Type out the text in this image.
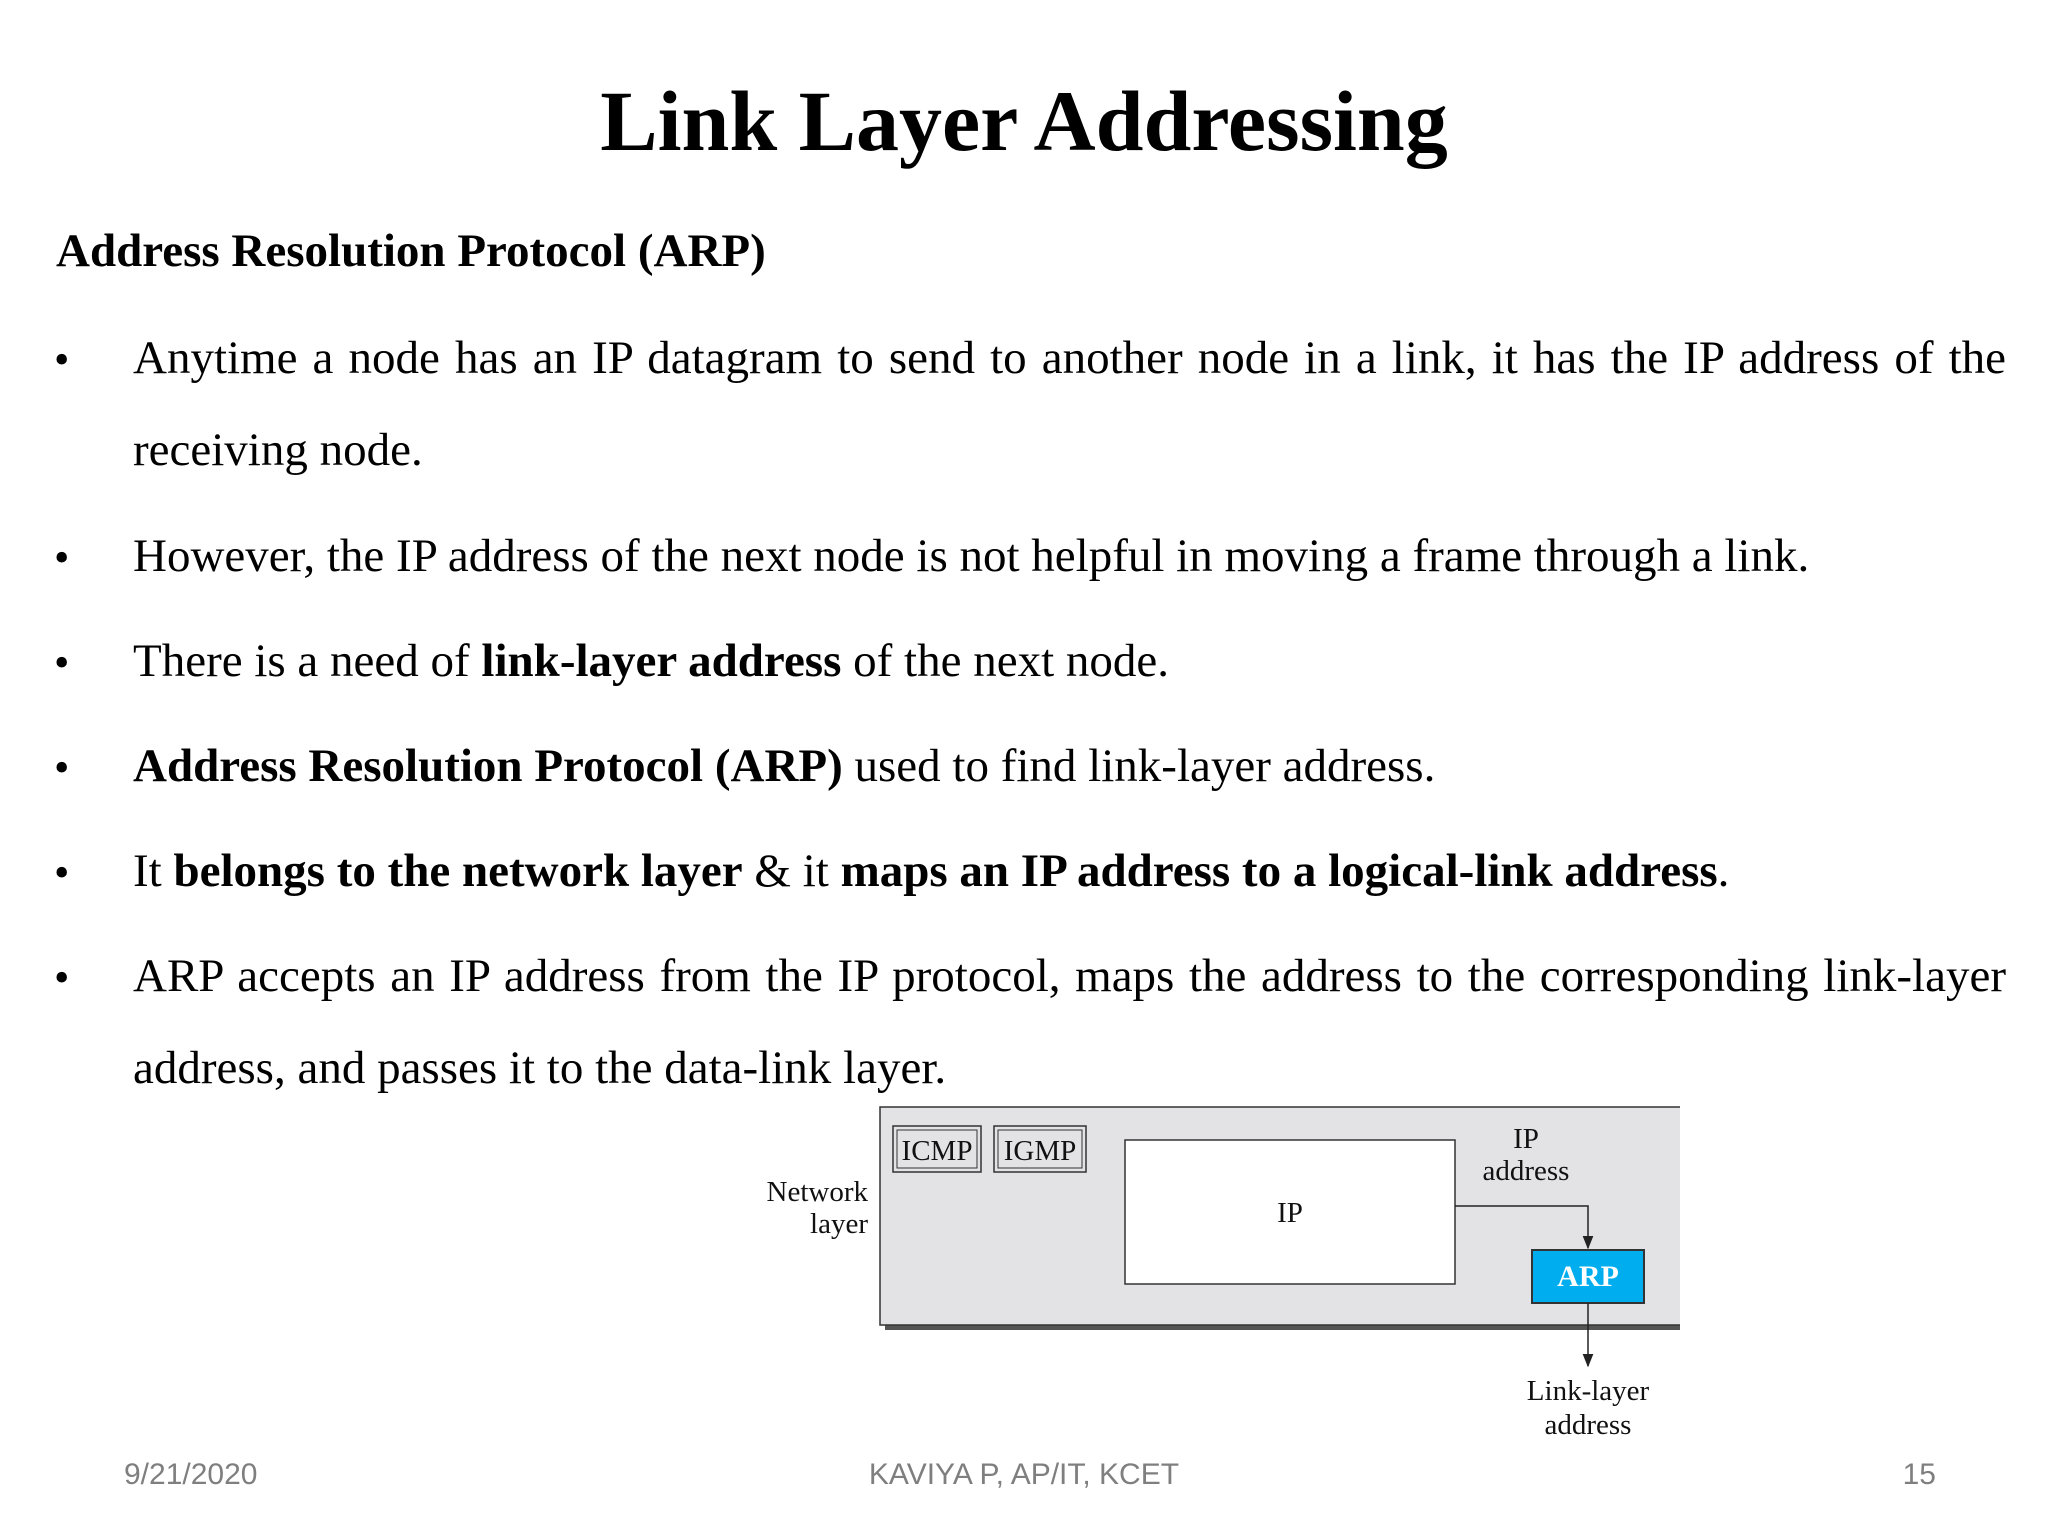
Link Layer Addressing
Address Resolution Protocol (ARP)
• Anytime a node has an IP datagram to send to another node in a link, it has the IP address of the receiving node.
• However, the IP address of the next node is not helpful in moving a frame through a link.
• There is a need of link-layer address of the next node.
• Address Resolution Protocol (ARP) used to find link-layer address.
• It belongs to the network layer & it maps an IP address to a logical-link address.
• ARP accepts an IP address from the IP protocol, maps the address to the corresponding link-layer address, and passes it to the data-link layer.
Network
layer
ICMP IGMP
IP
IP
address
ARP
Link-layer
address
9/21/2020	KAVIYA P, AP/IT, KCET	15
